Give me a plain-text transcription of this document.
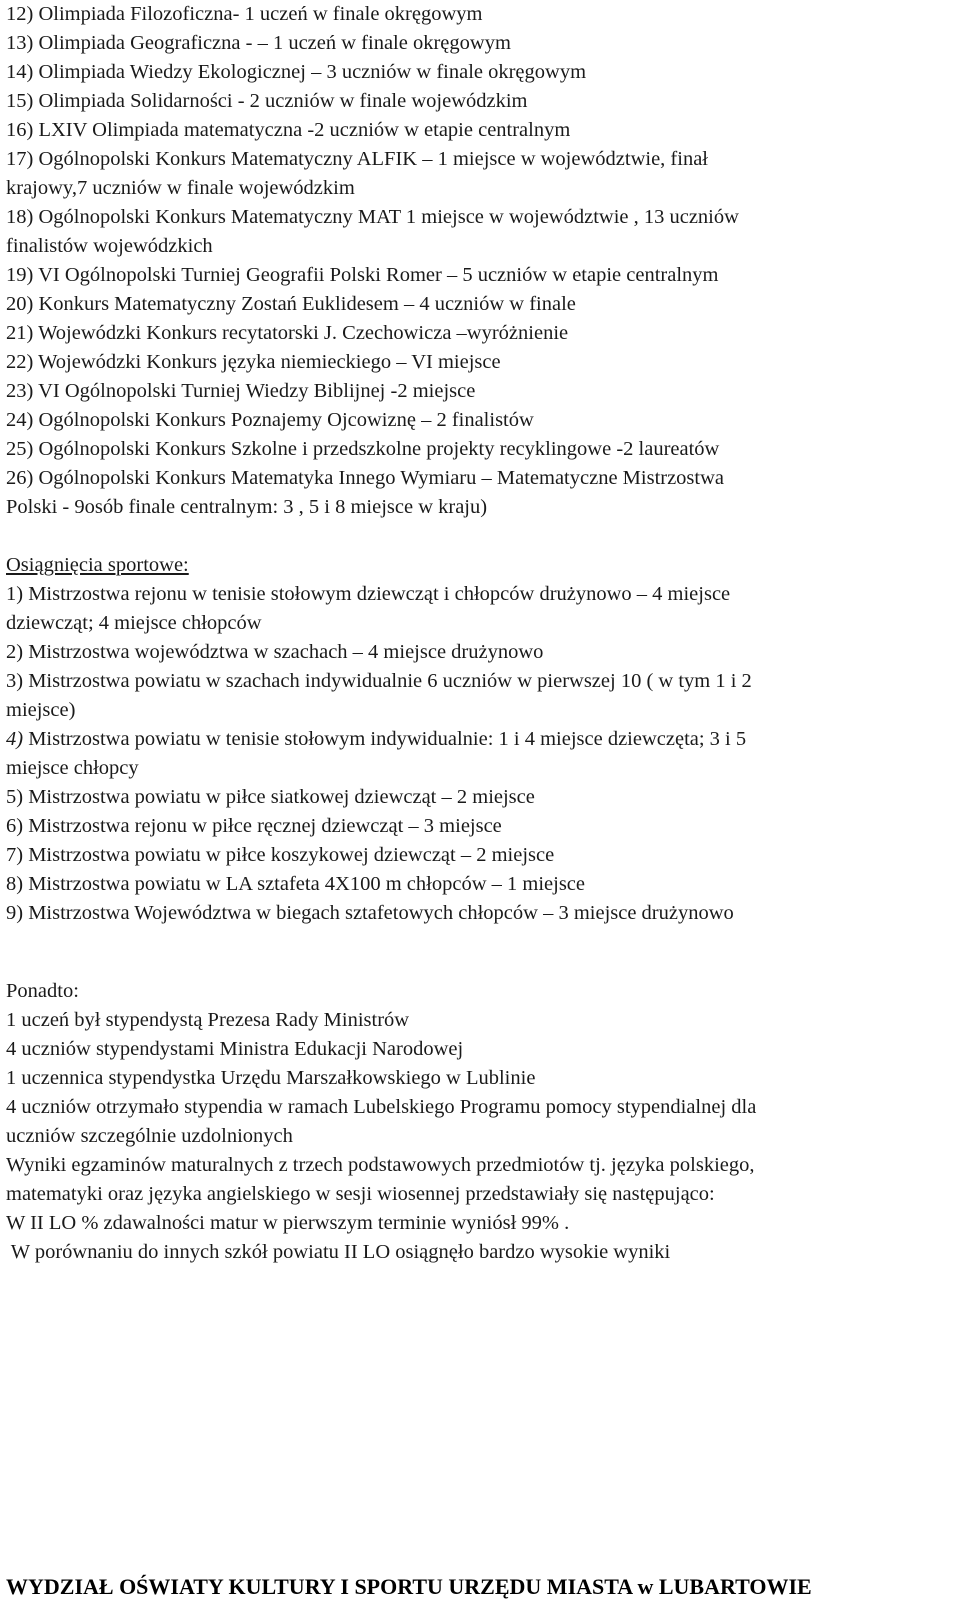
12) Olimpiada Filozoficzna- 1 uczeń w finale okręgowym
13) Olimpiada Geograficzna - – 1 uczeń w finale okręgowym
14) Olimpiada Wiedzy Ekologicznej – 3 uczniów w finale okręgowym
15) Olimpiada Solidarności - 2 uczniów w finale wojewódzkim
16) LXIV Olimpiada matematyczna -2 uczniów w etapie centralnym
17) Ogólnopolski Konkurs Matematyczny ALFIK – 1 miejsce w województwie, finał
krajowy,7 uczniów w finale wojewódzkim
18) Ogólnopolski Konkurs Matematyczny MAT 1 miejsce w województwie , 13 uczniów
finalistów wojewódzkich
19) VI Ogólnopolski Turniej Geografii Polski Romer – 5 uczniów w etapie centralnym
20) Konkurs Matematyczny Zostań Euklidesem – 4 uczniów w finale
21) Wojewódzki Konkurs recytatorski J. Czechowicza –wyróżnienie
22) Wojewódzki Konkurs języka niemieckiego – VI miejsce
23) VI Ogólnopolski Turniej Wiedzy Biblijnej -2 miejsce
24) Ogólnopolski Konkurs Poznajemy Ojcowiznę – 2 finalistów
25) Ogólnopolski Konkurs Szkolne i przedszkolne projekty recyklingowe -2 laureatów
26) Ogólnopolski Konkurs Matematyka Innego Wymiaru – Matematyczne Mistrzostwa
Polski - 9osób finale centralnym: 3 , 5 i 8 miejsce w kraju)
Osiągnięcia sportowe:
1) Mistrzostwa rejonu w tenisie stołowym dziewcząt i chłopców drużynowo – 4 miejsce
dziewcząt; 4 miejsce chłopców
2) Mistrzostwa województwa w szachach – 4 miejsce drużynowo
3) Mistrzostwa powiatu w szachach indywidualnie 6 uczniów w pierwszej 10 ( w tym 1 i 2
miejsce)
4) Mistrzostwa powiatu w tenisie stołowym indywidualnie: 1 i 4 miejsce dziewczęta; 3 i 5
miejsce chłopcy
5) Mistrzostwa powiatu w piłce siatkowej dziewcząt – 2 miejsce
6) Mistrzostwa rejonu w piłce ręcznej dziewcząt – 3 miejsce
7) Mistrzostwa powiatu w piłce koszykowej dziewcząt – 2 miejsce
8) Mistrzostwa powiatu w LA sztafeta 4X100 m chłopców – 1 miejsce
9) Mistrzostwa Województwa w biegach sztafetowych chłopców – 3 miejsce drużynowo
Ponadto:
1 uczeń był stypendystą Prezesa Rady Ministrów
4 uczniów stypendystami Ministra Edukacji Narodowej
1 uczennica stypendystka Urzędu Marszałkowskiego w Lublinie
4 uczniów otrzymało stypendia w ramach Lubelskiego Programu pomocy stypendialnej dla
uczniów szczególnie uzdolnionych
Wyniki egzaminów maturalnych z trzech podstawowych przedmiotów tj. języka polskiego,
matematyki oraz języka angielskiego w sesji wiosennej przedstawiały się następująco:
W II LO % zdawalności matur w pierwszym terminie wyniósł 99% .
W porównaniu do innych szkół powiatu II LO osiągnęło bardzo wysokie wyniki
WYDZIAŁ OŚWIATY KULTURY I SPORTU URZĘDU MIASTA w LUBARTOWIE
